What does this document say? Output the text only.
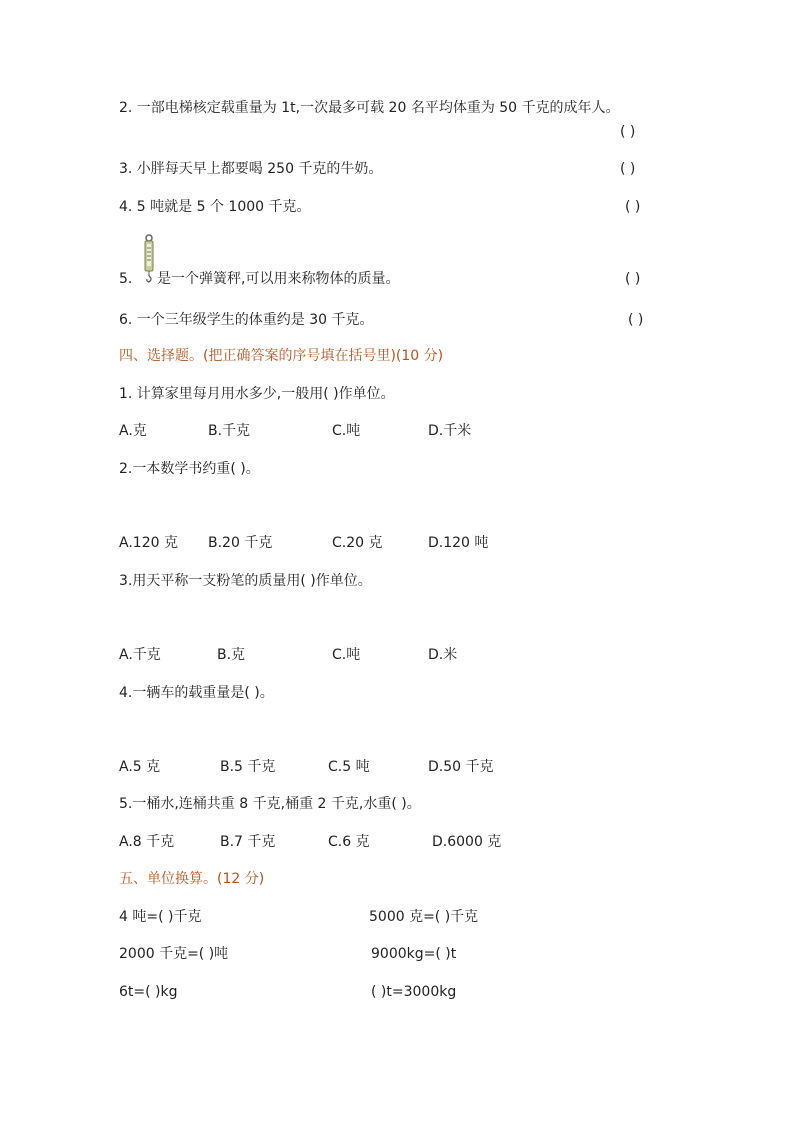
2. 一部电梯核定载重量为 1t,一次最多可载 20 名平均体重为 50 千克的成年人。
( )
3. 小胖每天早上都要喝 250 千克的牛奶。	( )
4. 5 吨就是 5 个 1000 千克。	( )
5. 是一个弹簧秤,可以用来称物体的质量。	( )
6. 一个三年级学生的体重约是 30 千克。	( )
四、选择题。(把正确答案的序号填在括号里)(10 分)
1. 计算家里每月用水多少,一般用( )作单位。
A.克	B.千克	C.吨	D.千米
2.一本数学书约重( )。
A.120 克 B.20 千克	C.20 克	D.120 吨
3.用天平称一支粉笔的质量用( )作单位。
A.千克	B.克	C.吨	D.米
4.一辆车的载重量是( )。
A.5 克	B.5 千克	C.5 吨	D.50 千克
5.一桶水,连桶共重 8 千克,桶重 2 千克,水重( )。
A.8 千克	B.7 千克	C.6 克	D.6000 克
五、单位换算。(12 分)
4 吨=( )千克	5000 克=( )千克
2000 千克=( )吨	9000kg=( )t
6t=( )kg	( )t=3000kg
